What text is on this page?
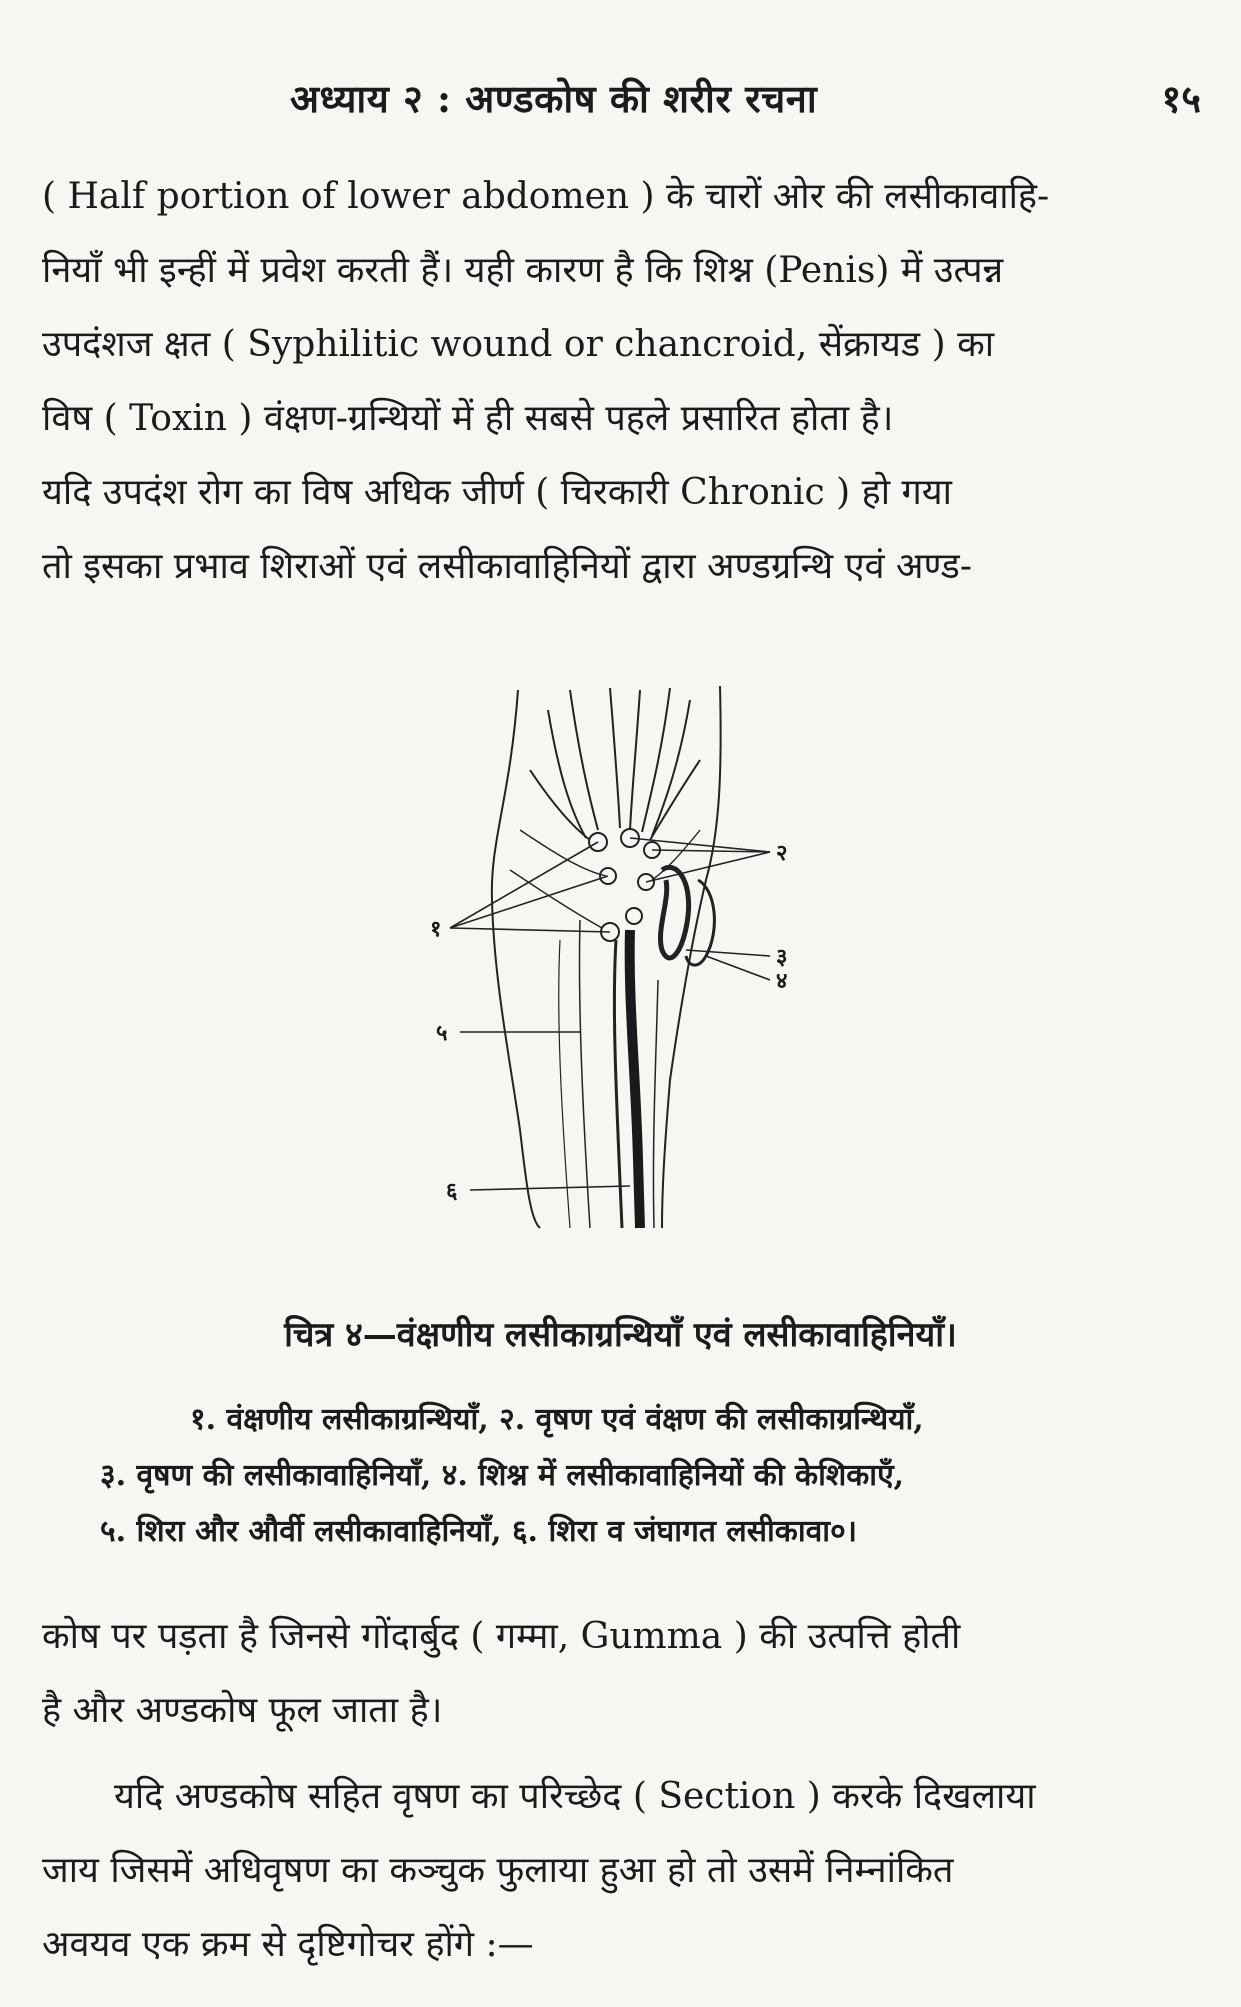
अध्याय २ : अण्डकोष की शरीर रचना	१५
( Half portion of lower abdomen ) के चारों ओर की लसीकावाहि-
नियाँ भी इन्हीं में प्रवेश करती हैं। यही कारण है कि शिश्न (Penis) में उत्पन्न
उपदंशज क्षत ( Syphilitic wound or chancroid, सेंक्रायड ) का
विष ( Toxin ) वंक्षण-ग्रन्थियों में ही सबसे पहले प्रसारित होता है।
यदि उपदंश रोग का विष अधिक जीर्ण ( चिरकारी Chronic ) हो गया
तो इसका प्रभाव शिराओं एवं लसीकावाहिनियों द्वारा अण्डग्रन्थि एवं अण्ड-
१
२
३
४
५
६
चित्र ४—वंक्षणीय लसीकाग्रन्थियाँ एवं लसीकावाहिनियाँ।
१. वंक्षणीय लसीकाग्रन्थियाँ, २. वृषण एवं वंक्षण की लसीकाग्रन्थियाँ,
३. वृषण की लसीकावाहिनियाँ, ४. शिश्न में लसीकावाहिनियों की केशिकाएँ,
५. शिरा और और्वी लसीकावाहिनियाँ, ६. शिरा व जंघागत लसीकावा०।
कोष पर पड़ता है जिनसे गोंदार्बुद ( गम्मा, Gumma ) की उत्पत्ति होती
है और अण्डकोष फूल जाता है।
यदि अण्डकोष सहित वृषण का परिच्छेद ( Section ) करके दिखलाया
जाय जिसमें अधिवृषण का कञ्चुक फुलाया हुआ हो तो उसमें निम्नांकित
अवयव एक क्रम से दृष्टिगोचर होंगे :—
